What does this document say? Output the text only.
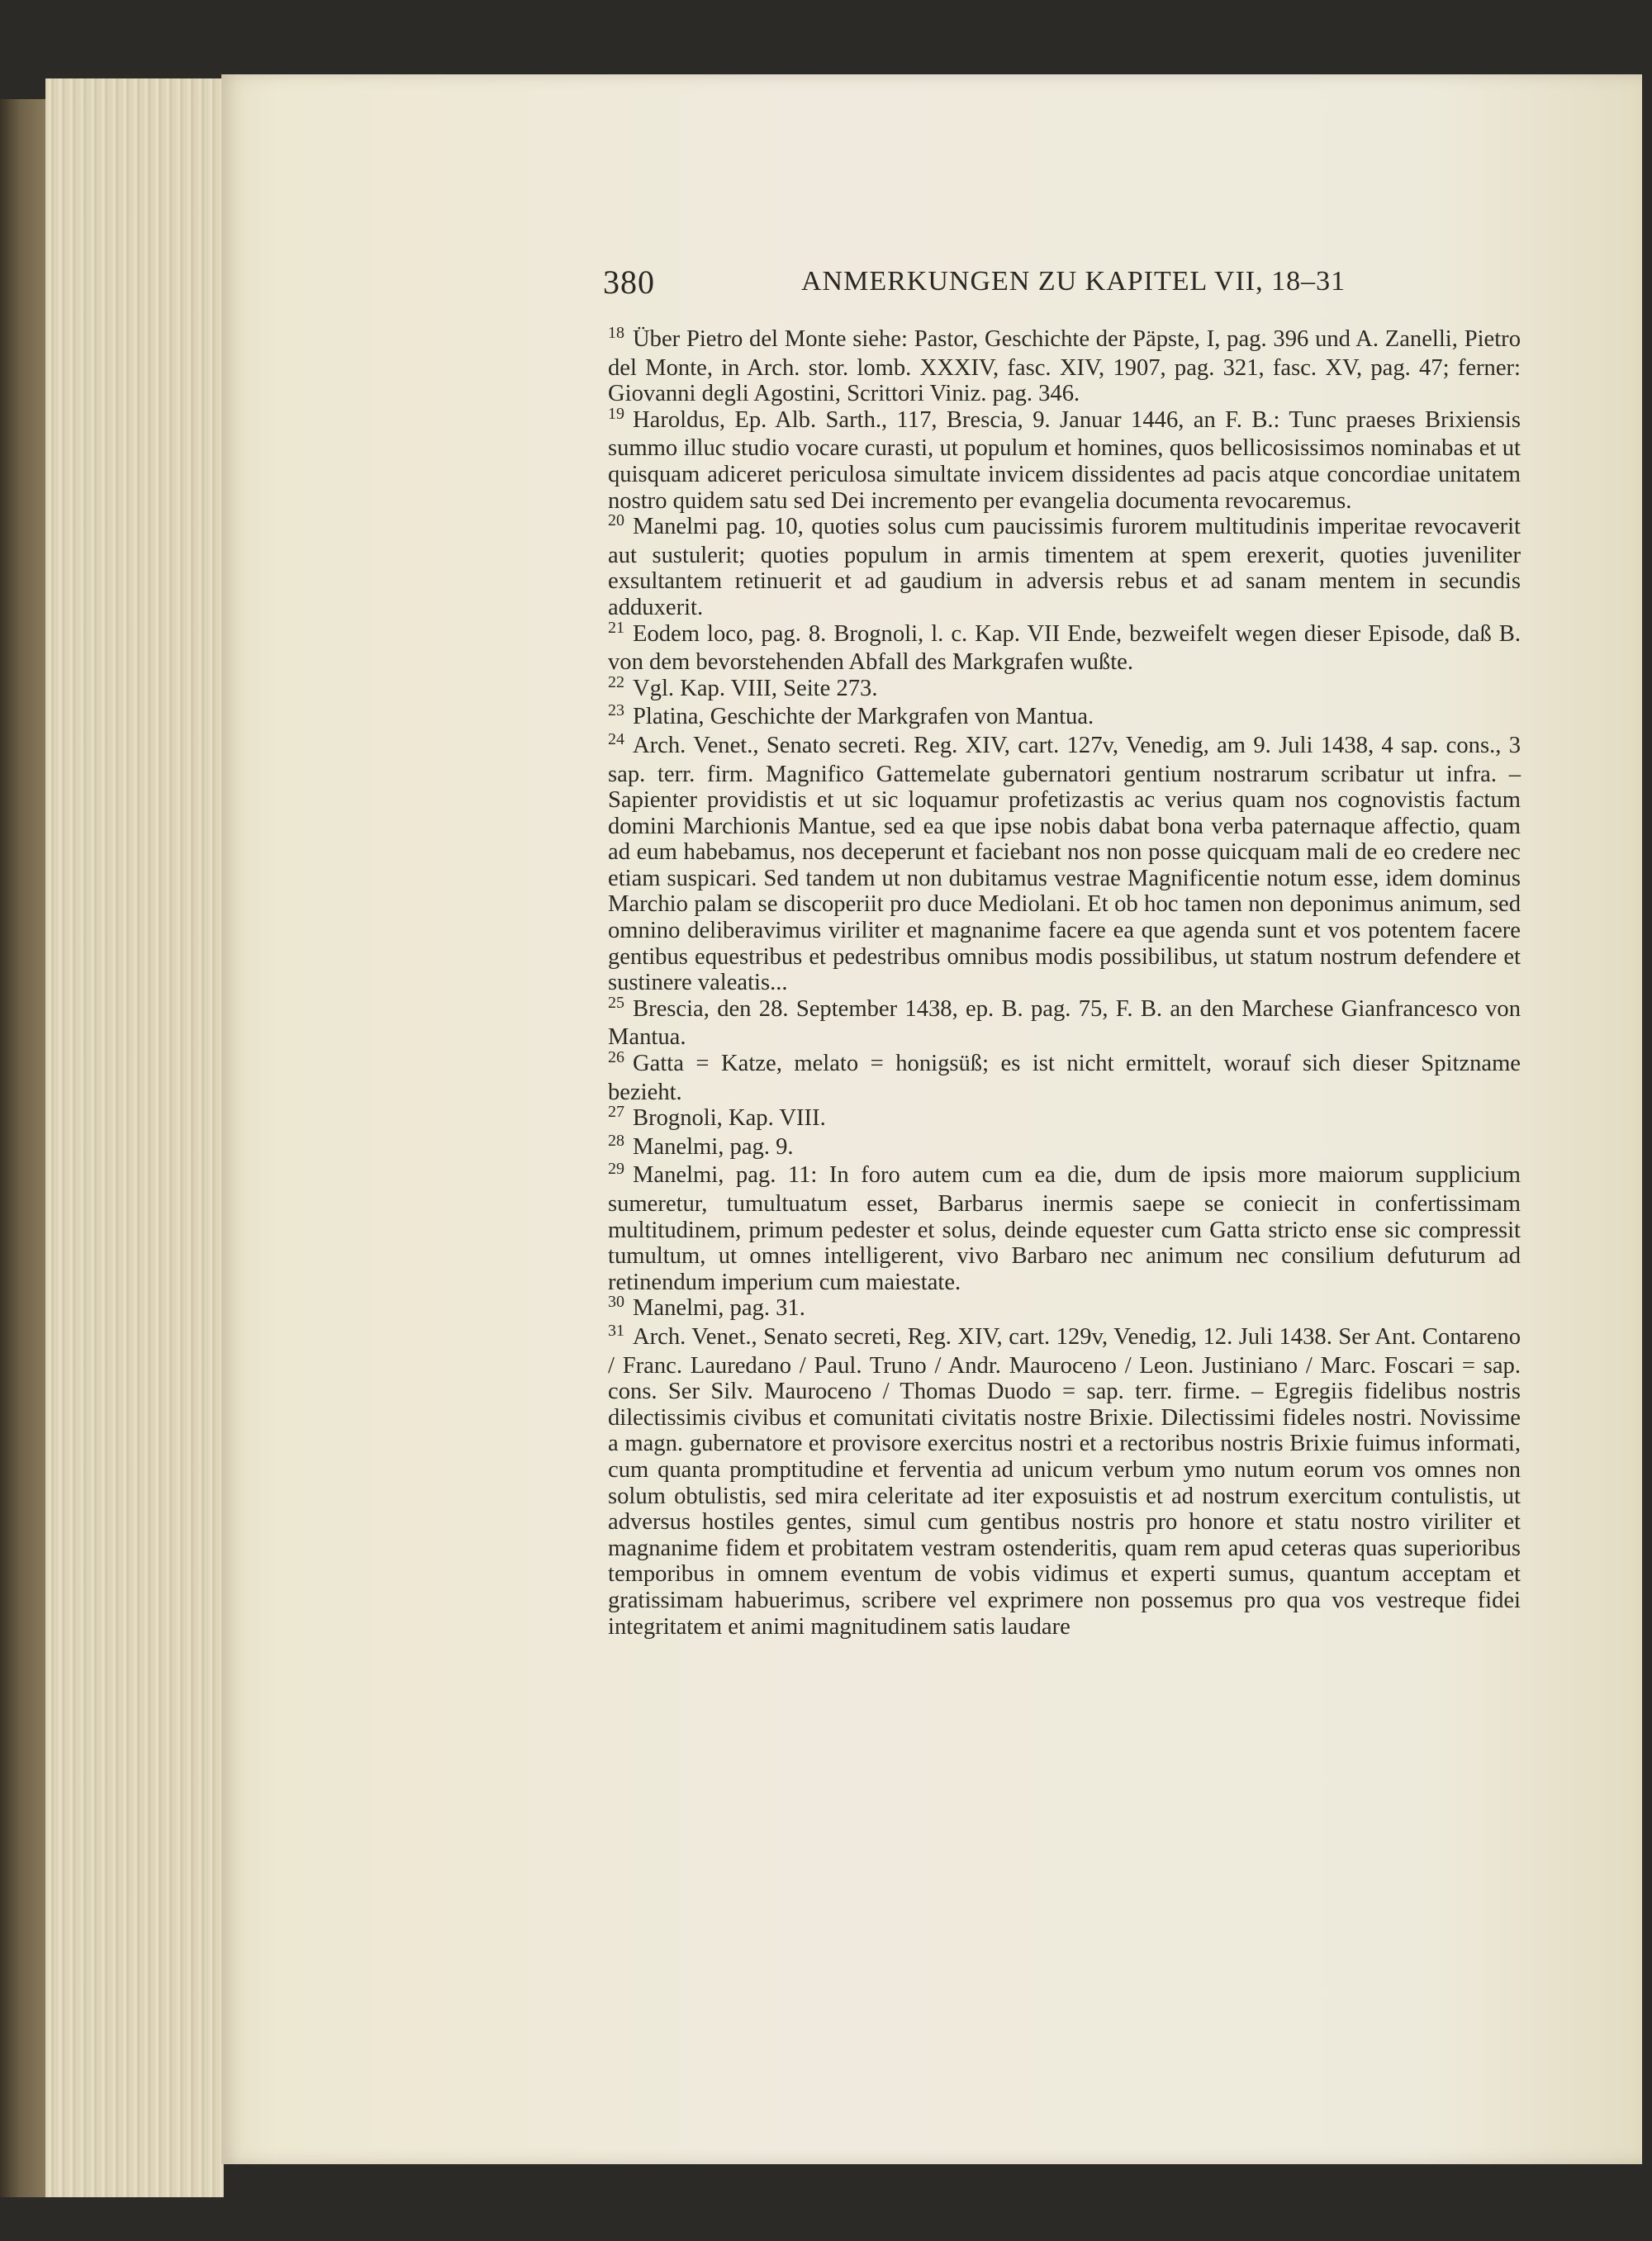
380	ANMERKUNGEN ZU KAPITEL VII, 18–31

$^{18}$ Über Pietro del Monte siehe: Pastor, Geschichte der Päpste, I, pag. 396 und A. Zanelli, Pietro del Monte, in Arch. stor. lomb. XXXIV, fasc. XIV, 1907, pag. 321, fasc. XV, pag. 47; ferner: Giovanni degli Agostini, Scrittori Viniz. pag. 346.

$^{19}$ Haroldus, Ep. Alb. Sarth., 117, Brescia, 9. Januar 1446, an F. B.: Tunc praeses Brixiensis summo illuc studio vocare curasti, ut populum et homines, quos bellicosissimos nominabas et ut quisquam adiceret periculosa simultate invicem dissidentes ad pacis atque concordiae unitatem nostro quidem satu sed Dei incremento per evangelia documenta revocaremus.

$^{20}$ Manelmi pag. 10, quoties solus cum paucissimis furorem multitudinis imperitae revocaverit aut sustulerit; quoties populum in armis timentem at spem erexerit, quoties juveniliter exsultantem retinuerit et ad gaudium in adversis rebus et ad sanam mentem in secundis adduxerit.

$^{21}$ Eodem loco, pag. 8. Brognoli, l. c. Kap. VII Ende, bezweifelt wegen dieser Episode, daß B. von dem bevorstehenden Abfall des Markgrafen wußte.

$^{22}$ Vgl. Kap. VIII, Seite 273.

$^{23}$ Platina, Geschichte der Markgrafen von Mantua.

$^{24}$ Arch. Venet., Senato secreti. Reg. XIV, cart. 127v, Venedig, am 9. Juli 1438, 4 sap. cons., 3 sap. terr. firm. Magnifico Gattemelate gubernatori gentium nostrarum scribatur ut infra. – Sapienter providistis et ut sic loquamur profetizastis ac verius quam nos cognovistis factum domini Marchionis Mantue, sed ea que ipse nobis dabat bona verba paternaque affectio, quam ad eum habebamus, nos deceperunt et faciebant nos non posse quicquam mali de eo credere nec etiam suspicari. Sed tandem ut non dubitamus vestrae Magnificentie notum esse, idem dominus Marchio palam se discoperiit pro duce Mediolani. Et ob hoc tamen non deponimus animum, sed omnino deliberavimus viriliter et magnanime facere ea que agenda sunt et vos potentem facere gentibus equestribus et pedestribus omnibus modis possibilibus, ut statum nostrum defendere et sustinere valeatis...

$^{25}$ Brescia, den 28. September 1438, ep. B. pag. 75, F. B. an den Marchese Gianfrancesco von Mantua.

$^{26}$ Gatta = Katze, melato = honigsüß; es ist nicht ermittelt, worauf sich dieser Spitzname bezieht.

$^{27}$ Brognoli, Kap. VIII.

$^{28}$ Manelmi, pag. 9.

$^{29}$ Manelmi, pag. 11: In foro autem cum ea die, dum de ipsis more maiorum supplicium sumeretur, tumultuatum esset, Barbarus inermis saepe se coniecit in confertissimam multitudinem, primum pedester et solus, deinde equester cum Gatta stricto ense sic compressit tumultum, ut omnes intelligerent, vivo Barbaro nec animum nec consilium defuturum ad retinendum imperium cum maiestate.

$^{30}$ Manelmi, pag. 31.

$^{31}$ Arch. Venet., Senato secreti, Reg. XIV, cart. 129v, Venedig, 12. Juli 1438. Ser Ant. Contareno / Franc. Lauredano / Paul. Truno / Andr. Mauroceno / Leon. Justiniano / Marc. Foscari = sap. cons. Ser Silv. Mauroceno / Thomas Duodo = sap. terr. firme. – Egregiis fidelibus nostris dilectissimis civibus et comunitati civitatis nostre Brixie. Dilectissimi fideles nostri. Novissime a magn. gubernatore et provisore exercitus nostri et a rectoribus nostris Brixie fuimus informati, cum quanta promptitudine et ferventia ad unicum verbum ymo nutum eorum vos omnes non solum obtulistis, sed mira celeritate ad iter exposuistis et ad nostrum exercitum contulistis, ut adversus hostiles gentes, simul cum gentibus nostris pro honore et statu nostro viriliter et magnanime fidem et probitatem vestram ostenderitis, quam rem apud ceteras quas superioribus temporibus in omnem eventum de vobis vidimus et experti sumus, quantum acceptam et gratissimam habuerimus, scribere vel exprimere non possemus pro qua vos vestreque fidei integritatem et animi magnitudinem satis laudare
